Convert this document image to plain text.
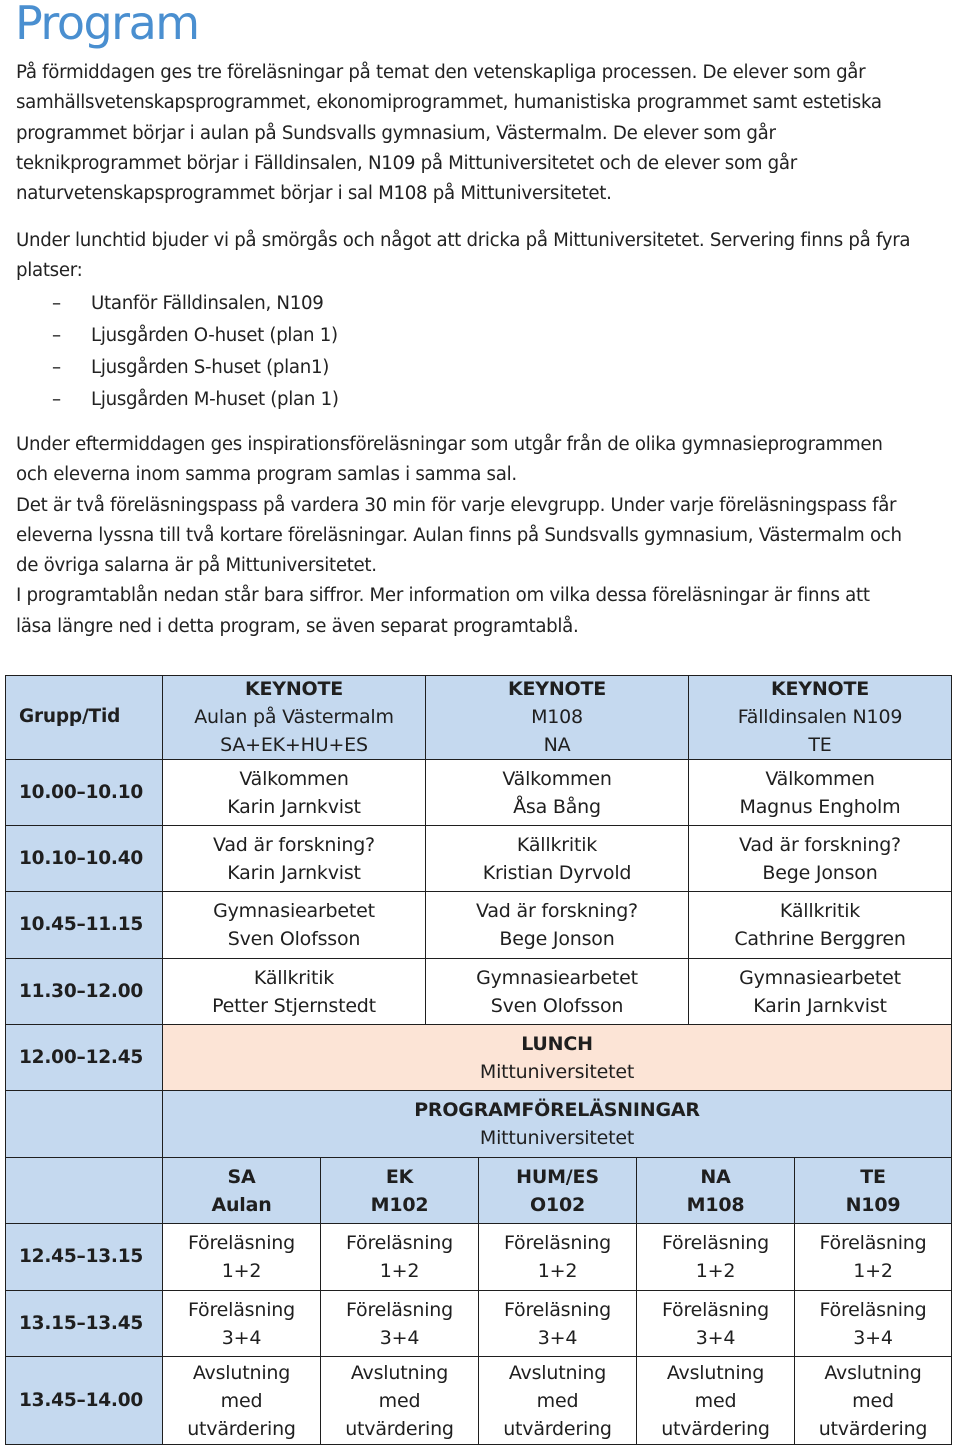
Program

På förmiddagen ges tre föreläsningar på temat den vetenskapliga processen. De elever som går

samhällsvetenskapsprogrammet, ekonomiprogrammet, humanistiska programmet samt estetiska

programmet börjar i aulan på Sundsvalls gymnasium, Västermalm. De elever som går

teknikprogrammet börjar i Fälldinsalen, N109 på Mittuniversitetet och de elever som går

naturvetenskapsprogrammet börjar i sal M108 på Mittuniversitetet.

Under lunchtid bjuder vi på smörgås och något att dricka på Mittuniversitetet. Servering finns på fyra

platser:

– Utanför Fälldinsalen, N109
– Ljusgården O-huset (plan 1)
– Ljusgården S-huset (plan1)
– Ljusgården M-huset (plan 1)

Under eftermiddagen ges inspirationsföreläsningar som utgår från de olika gymnasieprogrammen

och eleverna inom samma program samlas i samma sal.

Det är två föreläsningspass på vardera 30 min för varje elevgrupp. Under varje föreläsningspass får

eleverna lyssna till två kortare föreläsningar. Aulan finns på Sundsvalls gymnasium, Västermalm och

de övriga salarna är på Mittuniversitetet.

I programtablån nedan står bara siffror. Mer information om vilka dessa föreläsningar är finns att

läsa längre ned i detta program, se även separat programtablå.

Grupp/Tid
KEYNOTE
Aulan på Västermalm
SA+EK+HU+ES
KEYNOTE
M108
NA
KEYNOTE
Fälldinsalen N109
TE
10.00–10.10
Välkommen
Karin Jarnkvist
Välkommen
Åsa Bång
Välkommen
Magnus Engholm
10.10–10.40
Vad är forskning?
Karin Jarnkvist
Källkritik
Kristian Dyrvold
Vad är forskning?
Bege Jonson
10.45–11.15
Gymnasiearbetet
Sven Olofsson
Vad är forskning?
Bege Jonson
Källkritik
Cathrine Berggren
11.30–12.00
Källkritik
Petter Stjernstedt
Gymnasiearbetet
Sven Olofsson
Gymnasiearbetet
Karin Jarnkvist
12.00–12.45
LUNCH
Mittuniversitetet
PROGRAMFÖRELÄSNINGAR
Mittuniversitetet
SA
Aulan
EK
M102
HUM/ES
O102
NA
M108
TE
N109
12.45–13.15
Föreläsning
1+2
Föreläsning
1+2
Föreläsning
1+2
Föreläsning
1+2
Föreläsning
1+2
13.15–13.45
Föreläsning
3+4
Föreläsning
3+4
Föreläsning
3+4
Föreläsning
3+4
Föreläsning
3+4
13.45–14.00
Avslutning
med
utvärdering
Avslutning
med
utvärdering
Avslutning
med
utvärdering
Avslutning
med
utvärdering
Avslutning
med
utvärdering
